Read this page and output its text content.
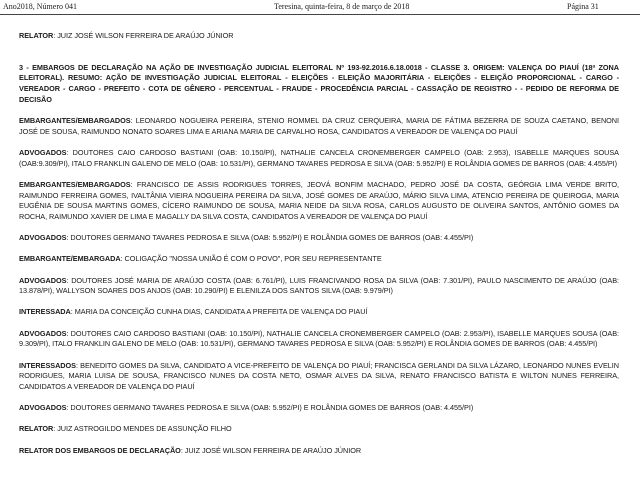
Ano2018, Número 041	Teresina, quinta-feira, 8 de março de 2018	Página 31

RELATOR: JUIZ JOSÉ WILSON FERREIRA DE ARAÚJO JÚNIOR

3 - EMBARGOS DE DECLARAÇÃO NA AÇÃO DE INVESTIGAÇÃO JUDICIAL ELEITORAL Nº 193-92.2016.6.18.0018 - CLASSE 3. ORIGEM: VALENÇA DO PIAUÍ (18ª ZONA ELEITORAL). RESUMO: AÇÃO DE INVESTIGAÇÃO JUDICIAL ELEITORAL - ELEIÇÕES - ELEIÇÃO MAJORITÁRIA - ELEIÇÕES - ELEIÇÃO PROPORCIONAL - CARGO - VEREADOR - CARGO - PREFEITO - COTA DE GÊNERO - PERCENTUAL - FRAUDE - PROCEDÊNCIA PARCIAL - CASSAÇÃO DE REGISTRO - - PEDIDO DE REFORMA DE DECISÃO

EMBARGANTES/EMBARGADOS: LEONARDO NOGUEIRA PEREIRA, STENIO ROMMEL DA CRUZ CERQUEIRA, MARIA DE FÁTIMA BEZERRA DE SOUZA CAETANO, BENONI JOSÉ DE SOUSA, RAIMUNDO NONATO SOARES LIMA E ARIANA MARIA DE CARVALHO ROSA, CANDIDATOS A VEREADOR DE VALENÇA DO PIAUÍ

ADVOGADOS: DOUTORES CAIO CARDOSO BASTIANI (OAB: 10.150/PI), NATHALIE CANCELA CRONEMBERGER CAMPELO (OAB: 2.953), ISABELLE MARQUES SOUSA (OAB:9.309/PI), ITALO FRANKLIN GALENO DE MELO (OAB: 10.531/PI), GERMANO TAVARES PEDROSA E SILVA (OAB: 5.952/PI) E ROLÂNDIA GOMES DE BARROS (OAB: 4.455/PI)

EMBARGANTES/EMBARGADOS: FRANCISCO DE ASSIS RODRIGUES TORRES, JEOVÁ BONFIM MACHADO, PEDRO JOSÉ DA COSTA, GEÓRGIA LIMA VERDE BRITO, RAIMUNDO FERREIRA GOMES, IVALTÂNIA VIEIRA NOGUEIRA PEREIRA DA SILVA, JOSÉ GOMES DE ARAÚJO, MÁRIO SILVA LIMA, ATENCIO PEREIRA DE QUEIROGA, MARIA EUGÊNIA DE SOUSA MARTINS GOMES, CÍCERO RAIMUNDO DE SOUSA, MARIA NEIDE DA SILVA ROSA, CARLOS AUGUSTO DE OLIVEIRA SANTOS, ANTÔNIO GOMES DA ROCHA, RAIMUNDO XAVIER DE LIMA E MAGALLY DA SILVA COSTA, CANDIDATOS A VEREADOR DE VALENÇA DO PIAUÍ

ADVOGADOS: DOUTORES GERMANO TAVARES PEDROSA E SILVA (OAB: 5.952/PI) E ROLÂNDIA GOMES DE BARROS (OAB: 4.455/PI)

EMBARGANTE/EMBARGADA: COLIGAÇÃO "NOSSA UNIÃO É COM O POVO", POR SEU REPRESENTANTE

ADVOGADOS: DOUTORES JOSÉ MARIA DE ARAÚJO COSTA (OAB: 6.761/PI), LUIS FRANCIVANDO ROSA DA SILVA (OAB: 7.301/PI), PAULO NASCIMENTO DE ARAÚJO (OAB: 13.878/PI), WALLYSON SOARES DOS ANJOS (OAB: 10.290/PI) E ELENILZA DOS SANTOS SILVA (OAB: 9.979/PI)

INTERESSADA: MARIA DA CONCEIÇÃO CUNHA DIAS, CANDIDATA A PREFEITA DE VALENÇA DO PIAUÍ

ADVOGADOS: DOUTORES CAIO CARDOSO BASTIANI (OAB: 10.150/PI), NATHALIE CANCELA CRONEMBERGER CAMPELO (OAB: 2.953/PI), ISABELLE MARQUES SOUSA (OAB: 9.309/PI), ITALO FRANKLIN GALENO DE MELO (OAB: 10.531/PI), GERMANO TAVARES PEDROSA E SILVA (OAB: 5.952/PI) E ROLÂNDIA GOMES DE BARROS (OAB: 4.455/PI)

INTERESSADOS: BENEDITO GOMES DA SILVA, CANDIDATO A VICE-PREFEITO DE VALENÇA DO PIAUÍ; FRANCISCA GERLANDI DA SILVA LÁZARO, LEONARDO NUNES EVELIN RODRIGUES, MARIA LUISA DE SOUSA, FRANCISCO NUNES DA COSTA NETO, OSMAR ALVES DA SILVA, RENATO FRANCISCO BATISTA E WILTON NUNES FERREIRA, CANDIDATOS A VEREADOR DE VALENÇA DO PIAUÍ

ADVOGADOS: DOUTORES GERMANO TAVARES PEDROSA E SILVA (OAB: 5.952/PI) E ROLÂNDIA GOMES DE BARROS (OAB: 4.455/PI)

RELATOR: JUIZ ASTROGILDO MENDES DE ASSUNÇÃO FILHO

RELATOR DOS EMBARGOS DE DECLARAÇÃO: JUIZ JOSÉ WILSON FERREIRA DE ARAÚJO JÚNIOR
